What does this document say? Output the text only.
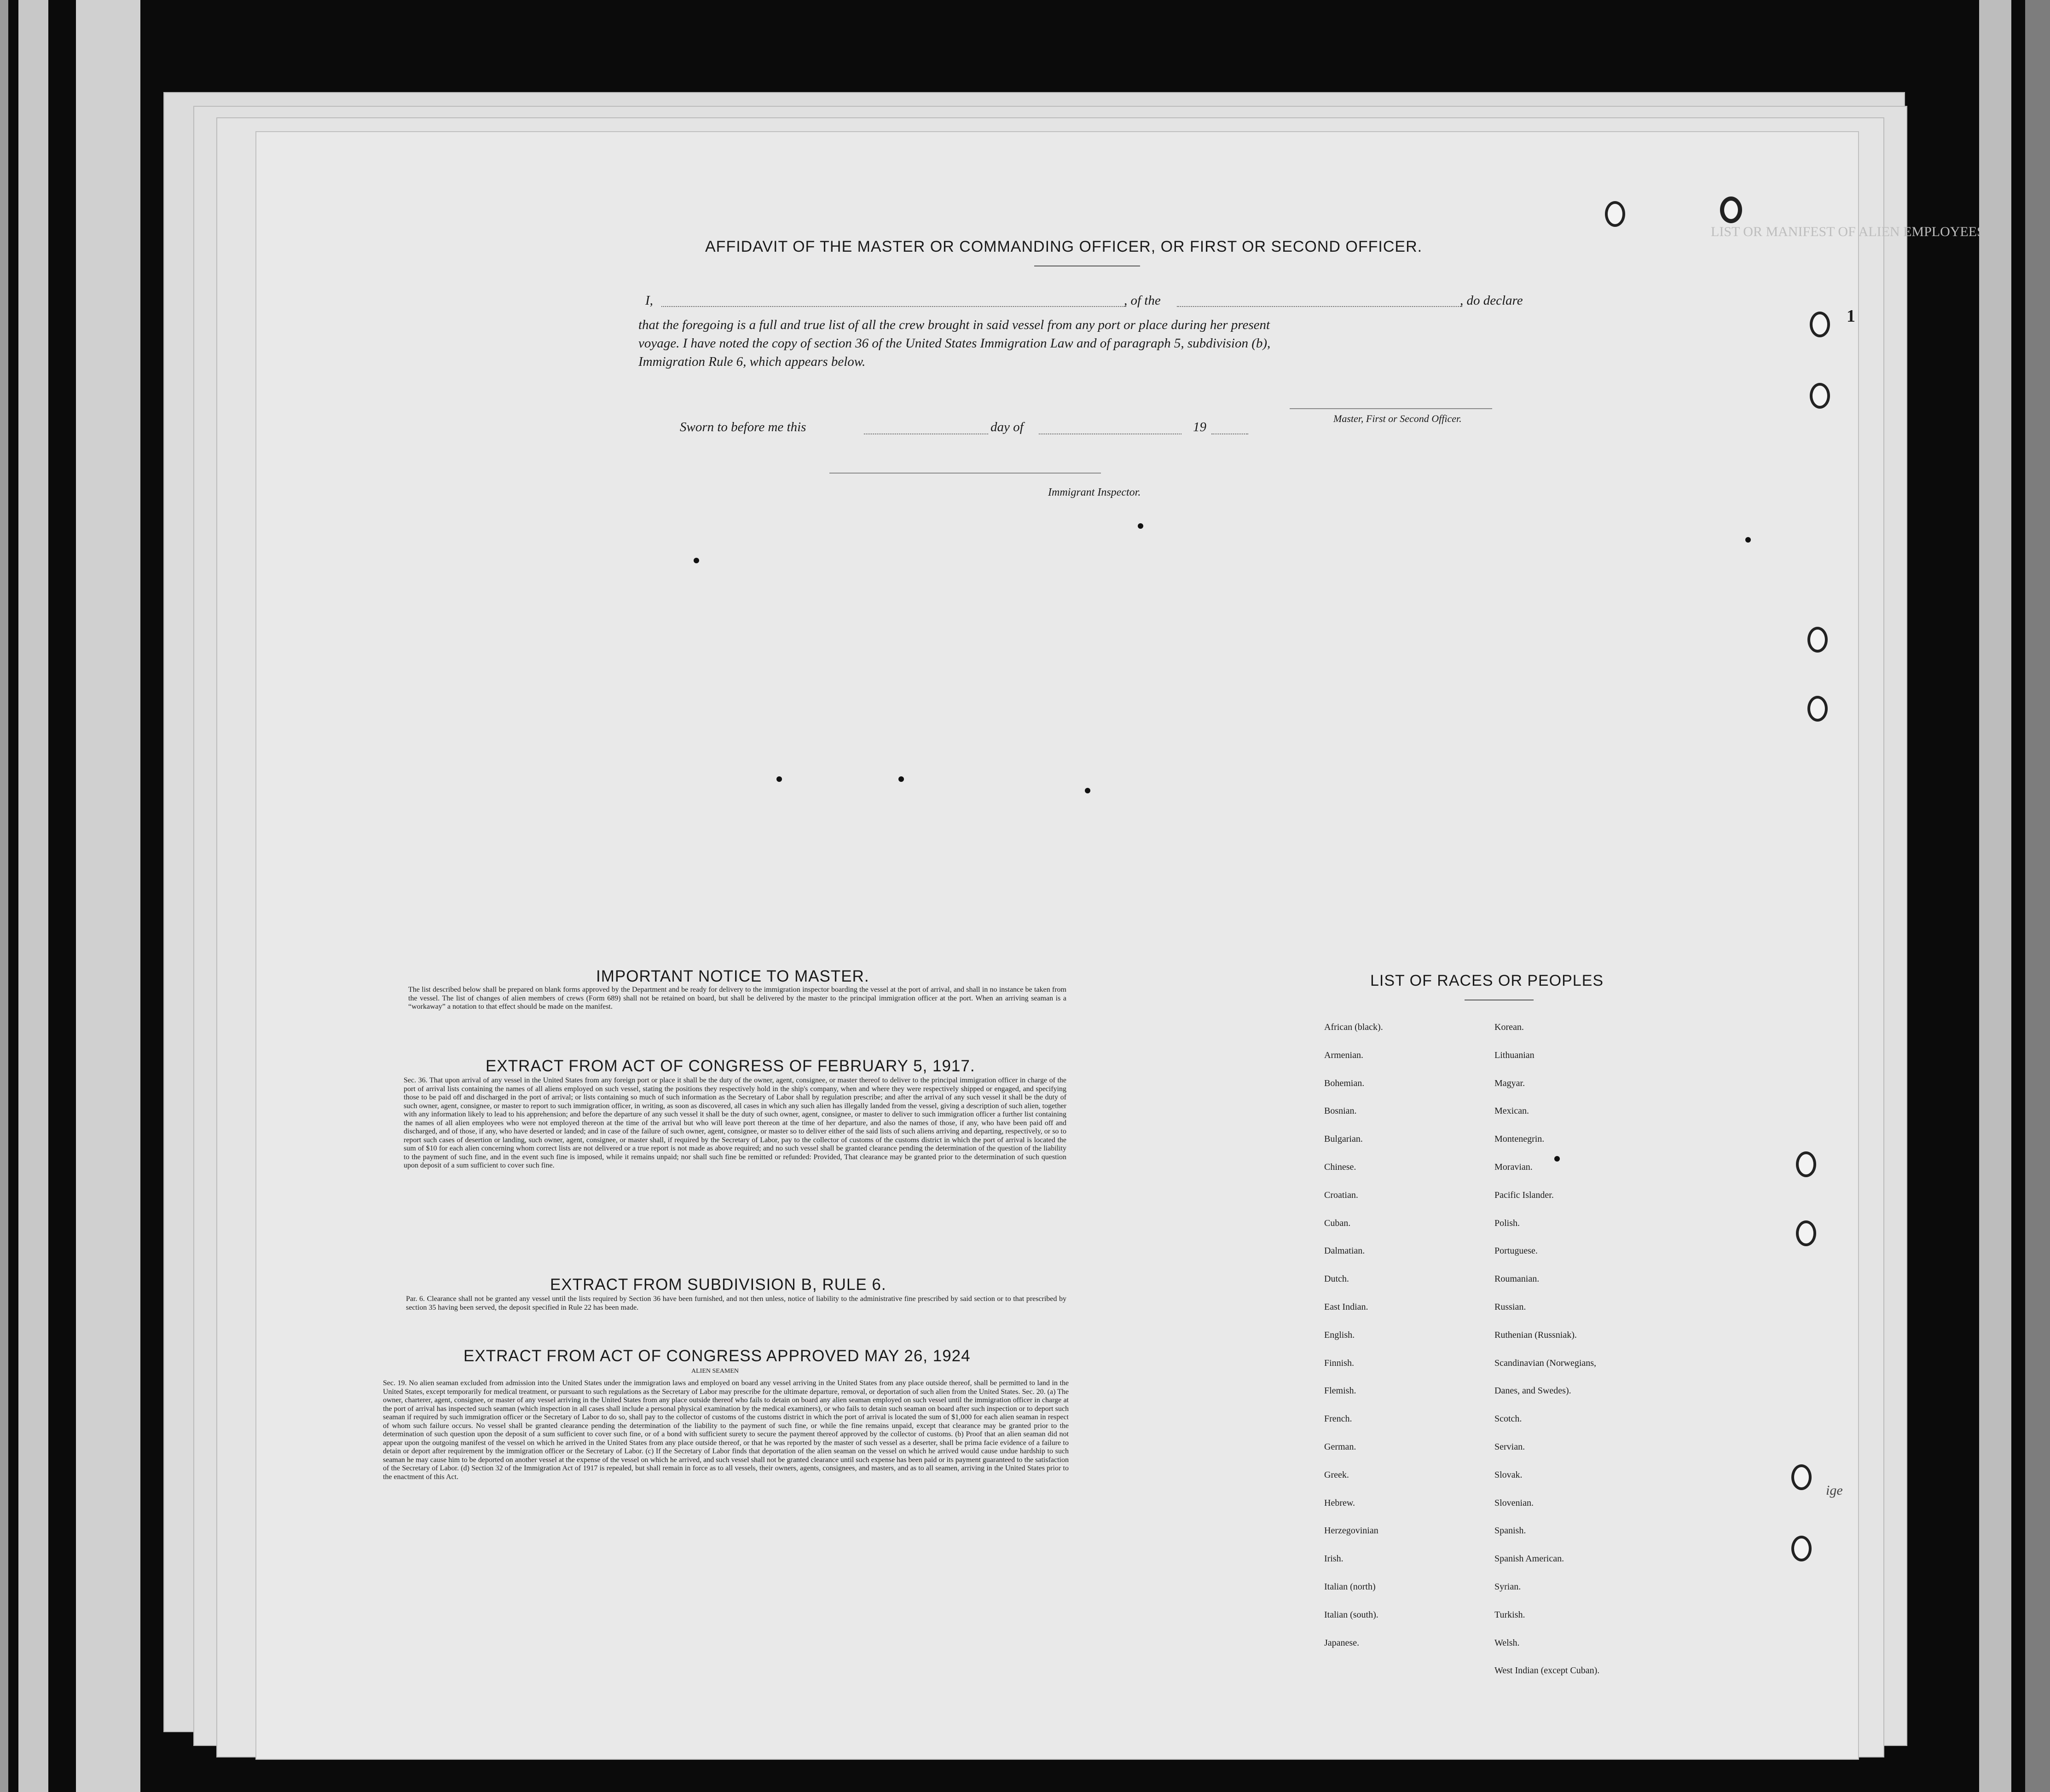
LIST OR MANIFEST OF ALIEN EMPLOYEES
1
ige
AFFIDAVIT OF THE MASTER OR COMMANDING OFFICER, OR FIRST OR SECOND OFFICER.
I,	, of the	, do declare
that the foregoing is a full and true list of all the crew brought in said vessel from any port or place during her present
voyage. I have noted the copy of section 36 of the United States Immigration Law and of paragraph 5, subdivision (b),
Immigration Rule 6, which appears below.
Master, First or Second Officer.
Sworn to before me this	day of	19
Immigrant Inspector.
IMPORTANT NOTICE TO MASTER.
The list described below shall be prepared on blank forms approved by the Department and be ready for delivery to the immigration inspector boarding the vessel at the port of arrival, and shall in no instance be taken from the vessel. The list of changes of alien members of crews (Form 689) shall not be retained on board, but shall be delivered by the master to the principal immigration officer at the port. When an arriving seaman is a “workaway” a notation to that effect should be made on the manifest.
EXTRACT FROM ACT OF CONGRESS OF FEBRUARY 5, 1917.
Sec. 36. That upon arrival of any vessel in the United States from any foreign port or place it shall be the duty of the owner, agent, consignee, or master thereof to deliver to the principal immigration officer in charge of the port of arrival lists containing the names of all aliens employed on such vessel, stating the positions they respectively hold in the ship's company, when and where they were respectively shipped or engaged, and specifying those to be paid off and discharged in the port of arrival; or lists containing so much of such information as the Secretary of Labor shall by regulation prescribe; and after the arrival of any such vessel it shall be the duty of such owner, agent, consignee, or master to report to such immigration officer, in writing, as soon as discovered, all cases in which any such alien has illegally landed from the vessel, giving a description of such alien, together with any information likely to lead to his apprehension; and before the departure of any such vessel it shall be the duty of such owner, agent, consignee, or master to deliver to such immigration officer a further list containing the names of all alien employees who were not employed thereon at the time of the arrival but who will leave port thereon at the time of her departure, and also the names of those, if any, who have been paid off and discharged, and of those, if any, who have deserted or landed; and in case of the failure of such owner, agent, consignee, or master so to deliver either of the said lists of such aliens arriving and departing, respectively, or so to report such cases of desertion or landing, such owner, agent, consignee, or master shall, if required by the Secretary of Labor, pay to the collector of customs of the customs district in which the port of arrival is located the sum of $10 for each alien concerning whom correct lists are not delivered or a true report is not made as above required; and no such vessel shall be granted clearance pending the determination of the question of the liability to the payment of such fine, and in the event such fine is imposed, while it remains unpaid; nor shall such fine be remitted or refunded: Provided, That clearance may be granted prior to the determination of such question upon deposit of a sum sufficient to cover such fine.
EXTRACT FROM SUBDIVISION B, RULE 6.
Par. 6. Clearance shall not be granted any vessel until the lists required by Section 36 have been furnished, and not then unless, notice of liability to the administrative fine prescribed by said section or to that prescribed by section 35 having been served, the deposit specified in Rule 22 has been made.
EXTRACT FROM ACT OF CONGRESS APPROVED MAY 26, 1924
ALIEN SEAMEN
Sec. 19. No alien seaman excluded from admission into the United States under the immigration laws and employed on board any vessel arriving in the United States from any place outside thereof, shall be permitted to land in the United States, except temporarily for medical treatment, or pursuant to such regulations as the Secretary of Labor may prescribe for the ultimate departure, removal, or deportation of such alien from the United States. Sec. 20. (a) The owner, charterer, agent, consignee, or master of any vessel arriving in the United States from any place outside thereof who fails to detain on board any alien seaman employed on such vessel until the immigration officer in charge at the port of arrival has inspected such seaman (which inspection in all cases shall include a personal physical examination by the medical examiners), or who fails to detain such seaman on board after such inspection or to deport such seaman if required by such immigration officer or the Secretary of Labor to do so, shall pay to the collector of customs of the customs district in which the port of arrival is located the sum of $1,000 for each alien seaman in respect of whom such failure occurs. No vessel shall be granted clearance pending the determination of the liability to the payment of such fine, or while the fine remains unpaid, except that clearance may be granted prior to the determination of such question upon the deposit of a sum sufficient to cover such fine, or of a bond with sufficient surety to secure the payment thereof approved by the collector of customs. (b) Proof that an alien seaman did not appear upon the outgoing manifest of the vessel on which he arrived in the United States from any place outside thereof, or that he was reported by the master of such vessel as a deserter, shall be prima facie evidence of a failure to detain or deport after requirement by the immigration officer or the Secretary of Labor. (c) If the Secretary of Labor finds that deportation of the alien seaman on the vessel on which he arrived would cause undue hardship to such seaman he may cause him to be deported on another vessel at the expense of the vessel on which he arrived, and such vessel shall not be granted clearance until such expense has been paid or its payment guaranteed to the satisfaction of the Secretary of Labor. (d) Section 32 of the Immigration Act of 1917 is repealed, but shall remain in force as to all vessels, their owners, agents, consignees, and masters, and as to all seamen, arriving in the United States prior to the enactment of this Act.
LIST OF RACES OR PEOPLES
African (black).
Armenian.
Bohemian.
Bosnian.
Bulgarian.
Chinese.
Croatian.
Cuban.
Dalmatian.
Dutch.
East Indian.
English.
Finnish.
Flemish.
French.
German.
Greek.
Hebrew.
Herzegovinian
Irish.
Italian (north)
Italian (south).
Japanese.
Korean.
Lithuanian
Magyar.
Mexican.
Montenegrin.
Moravian.
Pacific Islander.
Polish.
Portuguese.
Roumanian.
Russian.
Ruthenian (Russniak).
Scandinavian (Norwegians,
Danes, and Swedes).
Scotch.
Servian.
Slovak.
Slovenian.
Spanish.
Spanish American.
Syrian.
Turkish.
Welsh.
West Indian (except Cuban).
